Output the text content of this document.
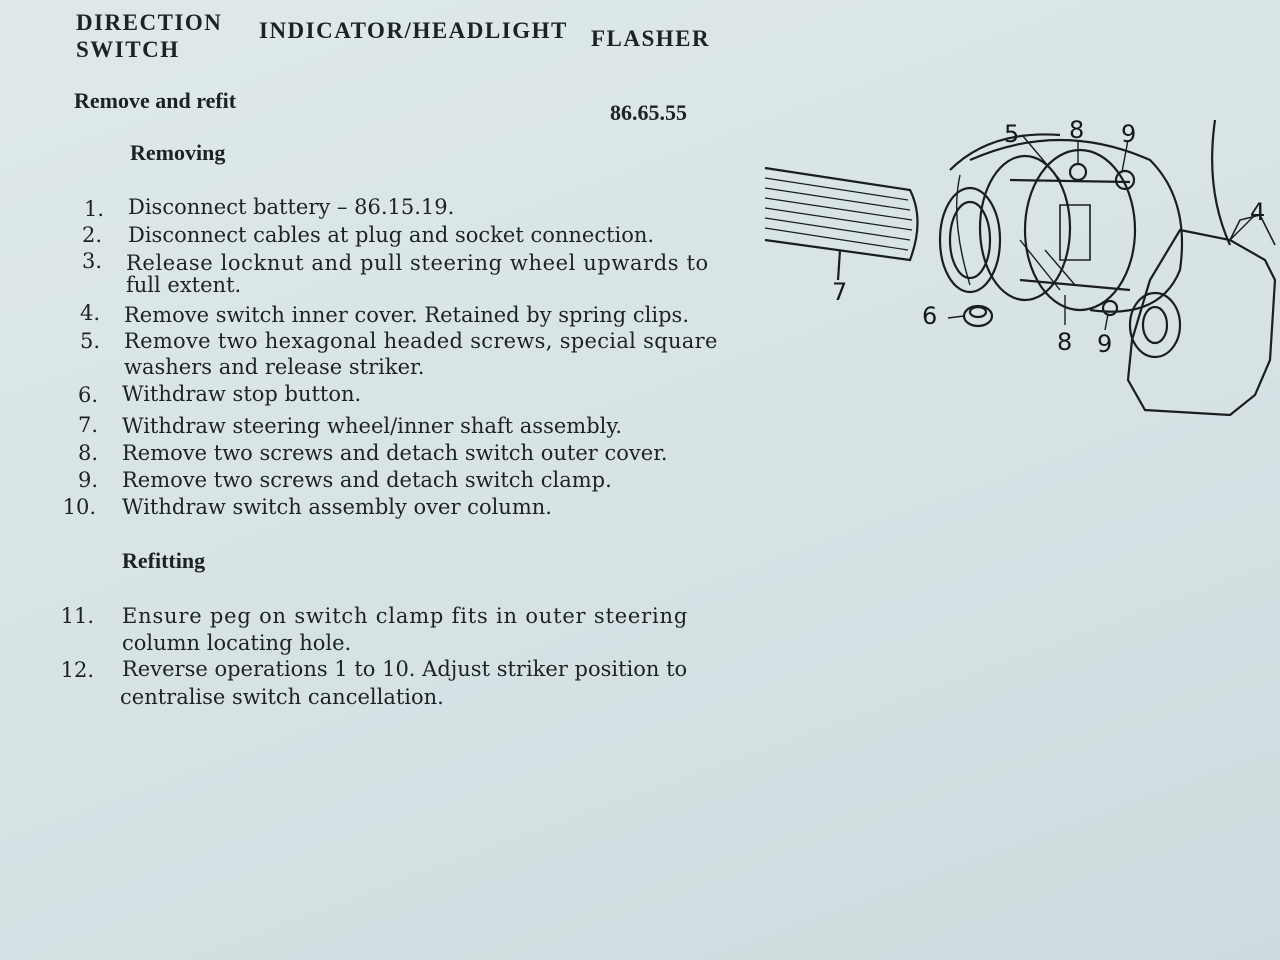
DIRECTION INDICATOR/HEADLIGHT FLASHER
SWITCH
Remove and refit	86.65.55
Removing
1. Disconnect battery – 86.15.19.
2. Disconnect cables at plug and socket connection.
3. Release locknut and pull steering wheel upwards to
full extent.
4. Remove switch inner cover. Retained by spring clips.
5. Remove two hexagonal headed screws, special square
washers and release striker.
6. Withdraw stop button.
7. Withdraw steering wheel/inner shaft assembly.
8. Remove two screws and detach switch outer cover.
9. Remove two screws and detach switch clamp.
10. Withdraw switch assembly over column.
Refitting
11. Ensure peg on switch clamp fits in outer steering
column locating hole.
12. Reverse operations 1 to 10. Adjust striker position to
centralise switch cancellation.
5 8 9
4
7
6
8 9
